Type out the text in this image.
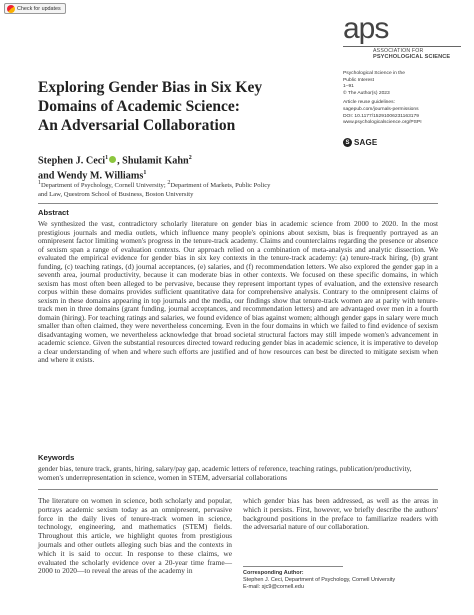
Check for updates
aps
ASSOCIATION FOR
PSYCHOLOGICAL SCIENCE
Psychological Science in the
Public Interest
1–91
© The Author(s) 2023
Article reuse guidelines:
sagepub.com/journals-permissions
DOI: 10.1177/15291006231163179
www.psychologicalscience.org/PSPI
S SAGE
Exploring Gender Bias in Six Key
Domains of Academic Science:
An Adversarial Collaboration
Stephen J. Ceci$^1$ , Shulamit Kahn$^2$
and Wendy M. Williams$^1$
$^1$Department of Psychology, Cornell University; $^2$Department of Markets, Public Policy
and Law, Questrom School of Business, Boston University
Abstract

We synthesized the vast, contradictory scholarly literature on gender bias in academic science from 2000 to 2020. In the most prestigious journals and media outlets, which influence many people's opinions about sexism, bias is frequently portrayed as an omnipresent factor limiting women's progress in the tenure-track academy. Claims and counterclaims regarding the presence or absence of sexism span a range of evaluation contexts. Our approach relied on a combination of meta-analysis and analytic dissection. We evaluated the empirical evidence for gender bias in six key contexts in the tenure-track academy: (a) tenure-track hiring, (b) grant funding, (c) teaching ratings, (d) journal acceptances, (e) salaries, and (f) recommendation letters. We also explored the gender gap in a seventh area, journal productivity, because it can moderate bias in other contexts. We focused on these specific domains, in which sexism has most often been alleged to be pervasive, because they represent important types of evaluation, and the extensive research corpus within these domains provides sufficient quantitative data for comprehensive analysis. Contrary to the omnipresent claims of sexism in these domains appearing in top journals and the media, our findings show that tenure-track women are at parity with tenure-track men in three domains (grant funding, journal acceptances, and recommendation letters) and are advantaged over men in a fourth domain (hiring). For teaching ratings and salaries, we found evidence of bias against women; although gender gaps in salary were much smaller than often claimed, they were nevertheless concerning. Even in the four domains in which we failed to find evidence of sexism disadvantaging women, we nevertheless acknowledge that broad societal structural factors may still impede women's advancement in academic science. Given the substantial resources directed toward reducing gender bias in academic science, it is imperative to develop a clear understanding of when and where such efforts are justified and of how resources can best be directed to mitigate sexism when and where it exists.

Keywords

gender bias, tenure track, grants, hiring, salary/pay gap, academic letters of reference, teaching ratings, publication/productivity, women's underrepresentation in science, women in STEM, adversarial collaborations

The literature on women in science, both scholarly and popular, portrays academic sexism today as an omnipresent, pervasive force in the daily lives of tenure-track women in science, technology, engineering, and mathematics (STEM) fields. Throughout this article, we highlight quotes from prestigious journals and other outlets alleging such bias and the contexts in which it is said to occur. In response to these claims, we evaluated the scholarly evidence over a 20-year time frame—2000 to 2020—to reveal the areas of the academy in

which gender bias has been addressed, as well as the areas in which it persists. First, however, we briefly describe the authors' background positions in the preface to familiarize readers with the adversarial nature of our collaboration.

Corresponding Author:
Stephen J. Ceci, Department of Psychology, Cornell University
E-mail: sjc9@cornell.edu
